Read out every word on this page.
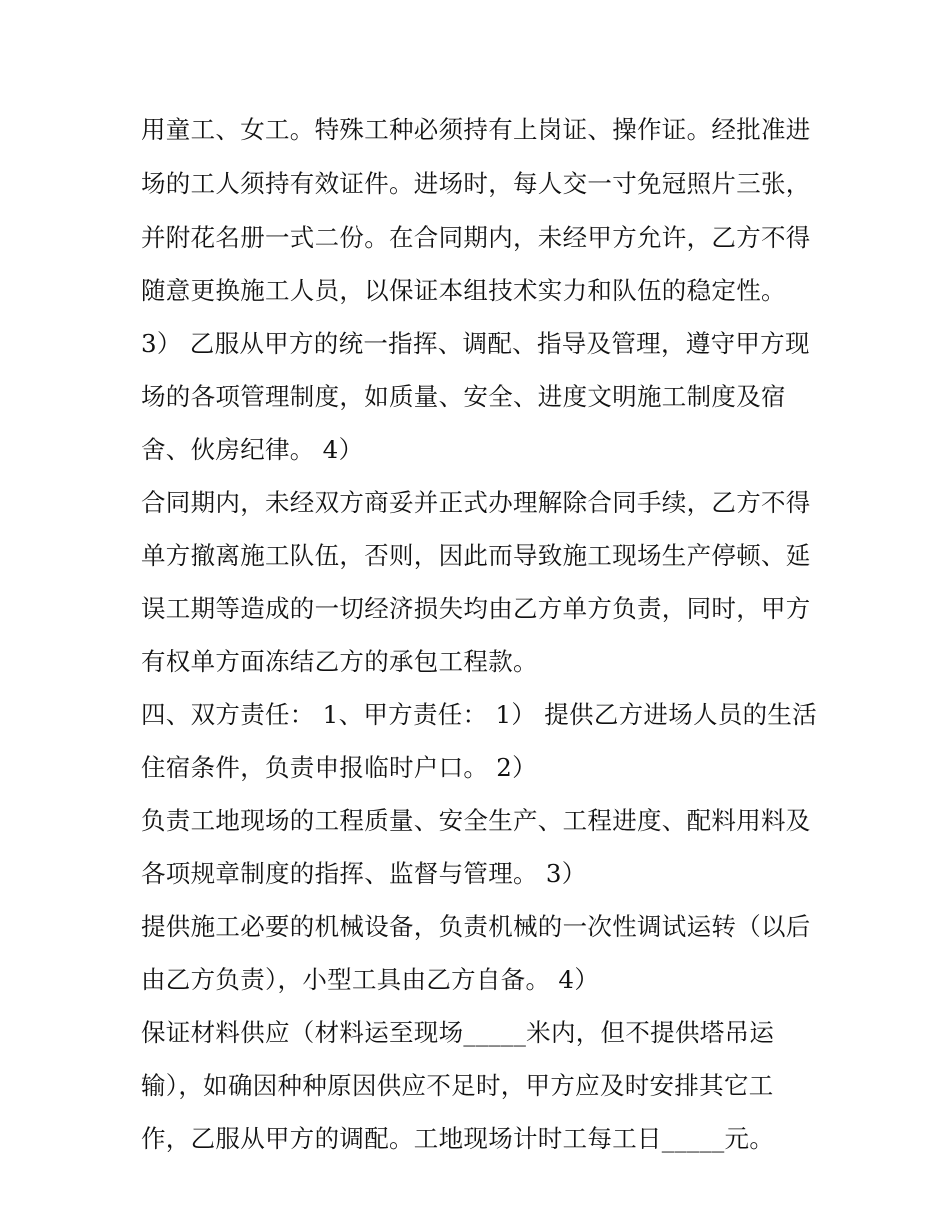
用童工、女工。特殊工种必须持有上岗证、操作证。经批准进
场的工人须持有效证件。进场时，每人交一寸免冠照片三张，
并附花名册一式二份。在合同期内，未经甲方允许，乙方不得
随意更换施工人员，以保证本组技术实力和队伍的稳定性。
3） 乙服从甲方的统一指挥、调配、指导及管理，遵守甲方现
场的各项管理制度，如质量、安全、进度文明施工制度及宿
舍、伙房纪律。 4）
合同期内，未经双方商妥并正式办理解除合同手续，乙方不得
单方撤离施工队伍，否则，因此而导致施工现场生产停顿、延
误工期等造成的一切经济损失均由乙方单方负责，同时，甲方
有权单方面冻结乙方的承包工程款。
四、双方责任： 1、甲方责任： 1） 提供乙方进场人员的生活
住宿条件，负责申报临时户口。 2）
负责工地现场的工程质量、安全生产、工程进度、配料用料及
各项规章制度的指挥、监督与管理。 3）
提供施工必要的机械设备，负责机械的一次性调试运转（以后
由乙方负责），小型工具由乙方自备。 4）
保证材料供应（材料运至现场_____米内，但不提供塔吊运
输），如确因种种原因供应不足时，甲方应及时安排其它工
作，乙服从甲方的调配。工地现场计时工每工日_____元。
